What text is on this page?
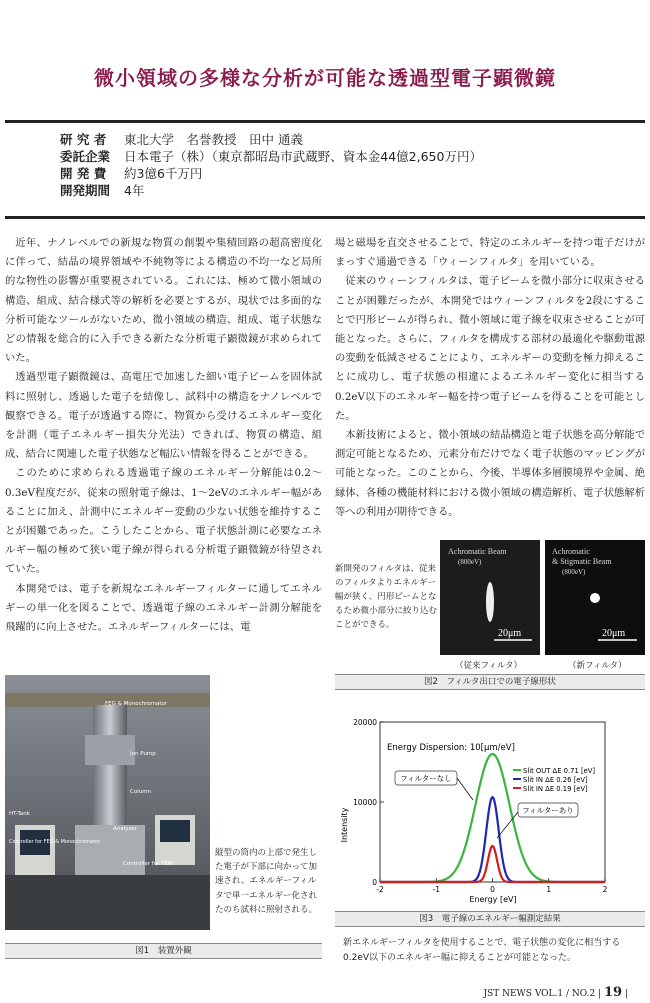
微小領域の多様な分析が可能な透過型電子顕微鏡
研 究 者	東北大学　名誉教授　田中 通義
委託企業	日本電子（株）（東京都昭島市武蔵野、資本金44億2,650万円）
開 発 費	約3億6千万円
開発期間	4年

近年、ナノレベルでの新規な物質の創製や集積回路の超高密度化に伴って、結晶の境界領域や不純物等による構造の不均一など局所的な物性の影響が重要視されている。これには、極めて微小領域の構造、組成、結合様式等の解析を必要とするが、現状では多面的な分析可能なツールがないため、微小領域の構造、組成、電子状態などの情報を総合的に入手できる新たな分析電子顕微鏡が求められていた。

透過型電子顕微鏡は、高電圧で加速した細い電子ビームを固体試料に照射し、透過した電子を結像し、試料中の構造をナノレベルで観察できる。電子が透過する際に、物質から受けるエネルギー変化を計測（電子エネルギー損失分光法）できれば、物質の構造、組成、結合に関連した電子状態など幅広い情報を得ることができる。

このために求められる透過電子線のエネルギー分解能は0.2〜0.3eV程度だが、従来の照射電子線は、1〜2eVのエネルギー幅があることに加え、計測中にエネルギー変動の少ない状態を維持することが困難であった。こうしたことから、電子状態計測に必要なエネルギー幅の極めて狭い電子線が得られる分析電子顕微鏡が待望されていた。

本開発では、電子を新規なエネルギーフィルターに通してエネルギーの単一化を図ることで、透過電子線のエネルギー計測分解能を飛躍的に向上させた。エネルギーフィルターには、電

場と磁場を直交させることで、特定のエネルギーを持つ電子だけがまっすぐ通過できる「ウィーンフィルタ」を用いている。

従来のウィーンフィルタは、電子ビームを微小部分に収束させることが困難だったが、本開発ではウィーンフィルタを2段にすることで円形ビームが得られ、微小領域に電子線を収束させることが可能となった。さらに、フィルタを構成する部材の最適化や駆動電源の変動を低減させることにより、エネルギーの変動を極力抑えることに成功し、電子状態の相違によるエネルギー変化に相当する0.2eV以下のエネルギー幅を持つ電子ビームを得ることを可能とした。

本新技術によると、微小領域の結晶構造と電子状態を高分解能で測定可能となるため、元素分布だけでなく電子状態のマッピングが可能となった。このことから、今後、半導体多層膜境界や金属、絶縁体、各種の機能材料における微小領域の構造解析、電子状態解析等への利用が期待できる。

新開発のフィルタは、従来のフィルタよりエネルギー幅が狭く、円形ビームとなるため微小部分に絞り込むことができる。
Achromatic Beam
(800eV)
20μm
Achromatic
& Stigmatic Beam
(800eV)
20μm
（従来フィルタ）	（新フィルタ）
図2　フィルタ出口での電子線形状
FEG & Monochromator
Ion Pump
Column
Analyzer
HT-Tank
Controller for FEG & Monochromator
Controller for TEM
縦型の筒内の上部で発生した電子が下部に向かって加速され、エネルギーフィルタで単一エネルギー化されたのち試料に照射される。
図1　装置外観
-2	-1	0	1	2
0
10000
20000
Energy Dispersion: 10[μm/eV]
Energy [eV]
Intensity
Slit OUT ΔE 0.71 [eV]
Slit IN ΔE 0.26 [eV]
Slit IN ΔE 0.19 [eV]
フィルターなし
フィルターあり
図3　電子線のエネルギー幅測定結果
新エネルギーフィルタを使用することで、電子状態の変化に相当する0.2eV以下のエネルギー幅に抑えることが可能となった。
JST NEWS VOL.1 / NO.2 | 19 |
